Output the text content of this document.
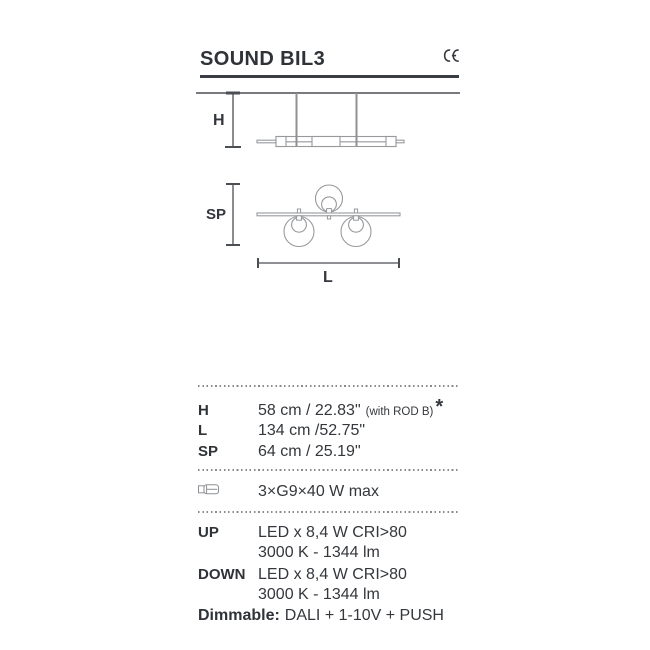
SOUND BIL3
H
SP
L
H	58 cm / 22.83" (with ROD B) *
L	134 cm /52.75"
SP	64 cm / 25.19"
3×G9×40 W max
UP	LED x 8,4 W CRI>80
3000 K - 1344 lm
DOWN LED x 8,4 W CRI>80
3000 K - 1344 lm
Dimmable: DALI + 1-10V + PUSH
